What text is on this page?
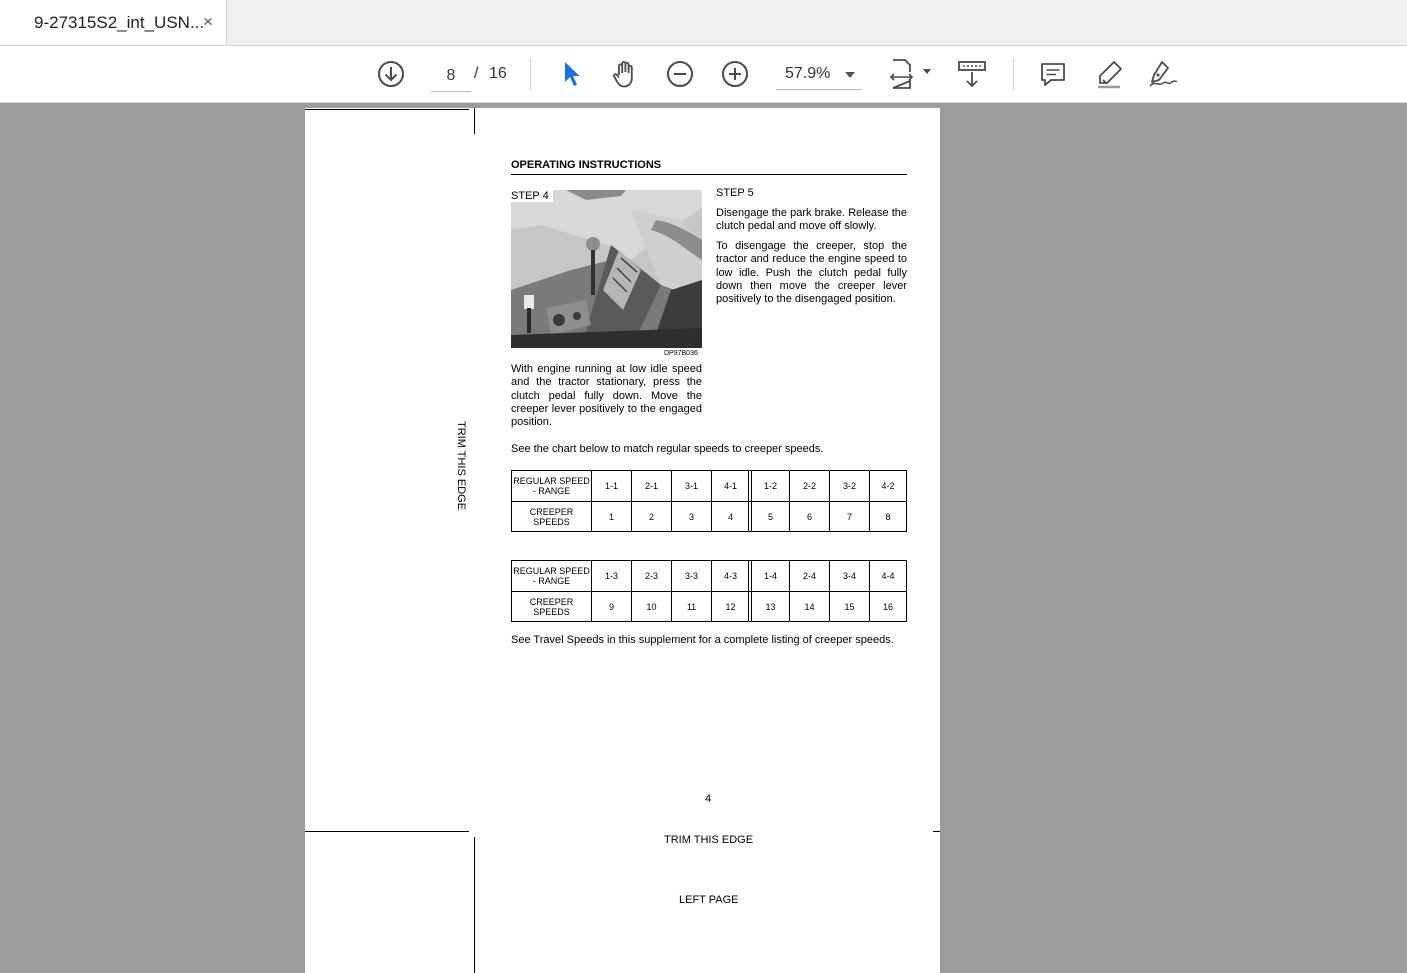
9-27315S2_int_USN...
×
8
/ 16	57.9%
OPERATING INSTRUCTIONS
STEP 4
DP97B036
STEP 5
Disengage the park brake. Release the clutch pedal and move off slowly.
To disengage the creeper, stop the tractor and reduce the engine speed to low idle. Push the clutch pedal fully down then move the creeper lever positively to the disengaged position.
With engine running at low idle speed and the tractor stationary, press the clutch pedal fully down. Move the creeper lever positively to the engaged position.
See the chart below to match regular speeds to creeper speeds.
REGULAR SPEED - RANGE
1-1	2-1	3-1	4-1	1-2	2-2	3-2	4-2
CREEPER SPEEDS
1	2	3	4	5	6	7	8
REGULAR SPEED - RANGE
1-3	2-3	3-3	4-3	1-4	2-4	3-4	4-4
CREEPER SPEEDS
9	10	11	12	13	14	15	16
See Travel Speeds in this supplement for a complete listing of creeper speeds.
4
TRIM THIS EDGE
LEFT PAGE
TRIM THIS EDGE
